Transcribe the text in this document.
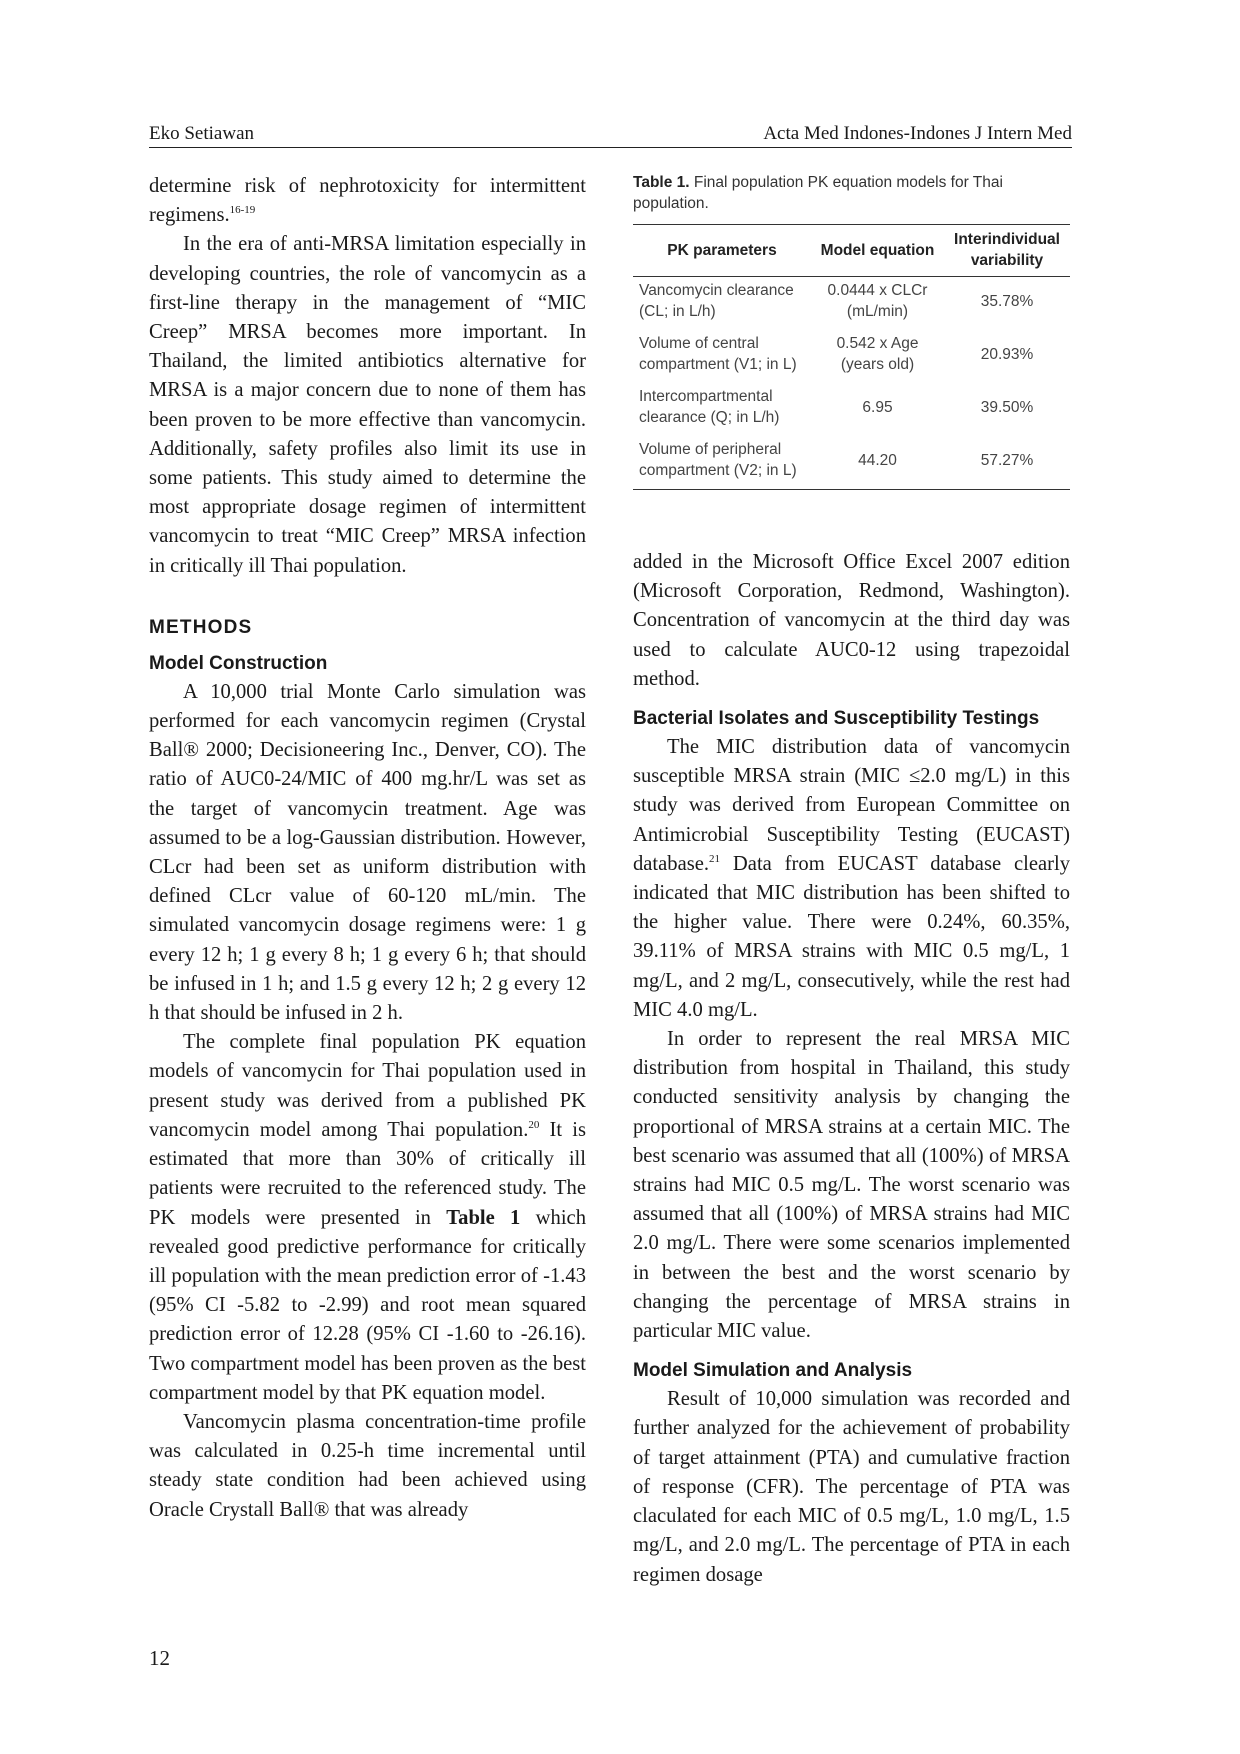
Eko Setiawan	Acta Med Indones-Indones J Intern Med

determine risk of nephrotoxicity for intermittent regimens.$^{16-19}$

In the era of anti-MRSA limitation especially in developing countries, the role of vancomycin as a first-line therapy in the management of “MIC Creep” MRSA becomes more important. In Thailand, the limited antibiotics alternative for MRSA is a major concern due to none of them has been proven to be more effective than vancomycin. Additionally, safety profiles also limit its use in some patients. This study aimed to determine the most appropriate dosage regimen of intermittent vancomycin to treat “MIC Creep” MRSA infection in critically ill Thai population.

METHODS
Model Construction

A 10,000 trial Monte Carlo simulation was performed for each vancomycin regimen (Crystal Ball® 2000; Decisioneering Inc., Denver, CO). The ratio of AUC0-24/MIC of 400 mg.hr/L was set as the target of vancomycin treatment. Age was assumed to be a log-Gaussian distribution. However, CLcr had been set as uniform distribution with defined CLcr value of 60-120 mL/min. The simulated vancomycin dosage regimens were: 1 g every 12 h; 1 g every 8 h; 1 g every 6 h; that should be infused in 1 h; and 1.5 g every 12 h; 2 g every 12 h that should be infused in 2 h.

The complete final population PK equation models of vancomycin for Thai population used in present study was derived from a published PK vancomycin model among Thai population.$^{20}$ It is estimated that more than 30% of critically ill patients were recruited to the referenced study. The PK models were presented in Table 1 which revealed good predictive performance for critically ill population with the mean prediction error of -1.43 (95% CI -5.82 to -2.99) and root mean squared prediction error of 12.28 (95% CI -1.60 to -26.16). Two compartment model has been proven as the best compartment model by that PK equation model.

Vancomycin plasma concentration-time profile was calculated in 0.25-h time incremental until steady state condition had been achieved using Oracle Crystall Ball® that was already

Table 1. Final population PK equation models for Thai population.

PK parameters	Model equation	Interindividual variability
Vancomycin clearance (CL; in L/h)	0.0444 x CLCr (mL/min)	35.78%
Volume of central compartment (V1; in L)	0.542 x Age (years old)	20.93%
Intercompartmental clearance (Q; in L/h)	6.95	39.50%
Volume of peripheral compartment (V2; in L)	44.20	57.27%

added in the Microsoft Office Excel 2007 edition (Microsoft Corporation, Redmond, Washington). Concentration of vancomycin at the third day was used to calculate AUC0-12 using trapezoidal method.

Bacterial Isolates and Susceptibility Testings

The MIC distribution data of vancomycin susceptible MRSA strain (MIC ≤2.0 mg/L) in this study was derived from European Committee on Antimicrobial Susceptibility Testing (EUCAST) database.$^{21}$ Data from EUCAST database clearly indicated that MIC distribution has been shifted to the higher value. There were 0.24%, 60.35%, 39.11% of MRSA strains with MIC 0.5 mg/L, 1 mg/L, and 2 mg/L, consecutively, while the rest had MIC 4.0 mg/L.

In order to represent the real MRSA MIC distribution from hospital in Thailand, this study conducted sensitivity analysis by changing the proportional of MRSA strains at a certain MIC. The best scenario was assumed that all (100%) of MRSA strains had MIC 0.5 mg/L. The worst scenario was assumed that all (100%) of MRSA strains had MIC 2.0 mg/L. There were some scenarios implemented in between the best and the worst scenario by changing the percentage of MRSA strains in particular MIC value.

Model Simulation and Analysis

Result of 10,000 simulation was recorded and further analyzed for the achievement of probability of target attainment (PTA) and cumulative fraction of response (CFR). The percentage of PTA was claculated for each MIC of 0.5 mg/L, 1.0 mg/L, 1.5 mg/L, and 2.0 mg/L. The percentage of PTA in each regimen dosage

12
